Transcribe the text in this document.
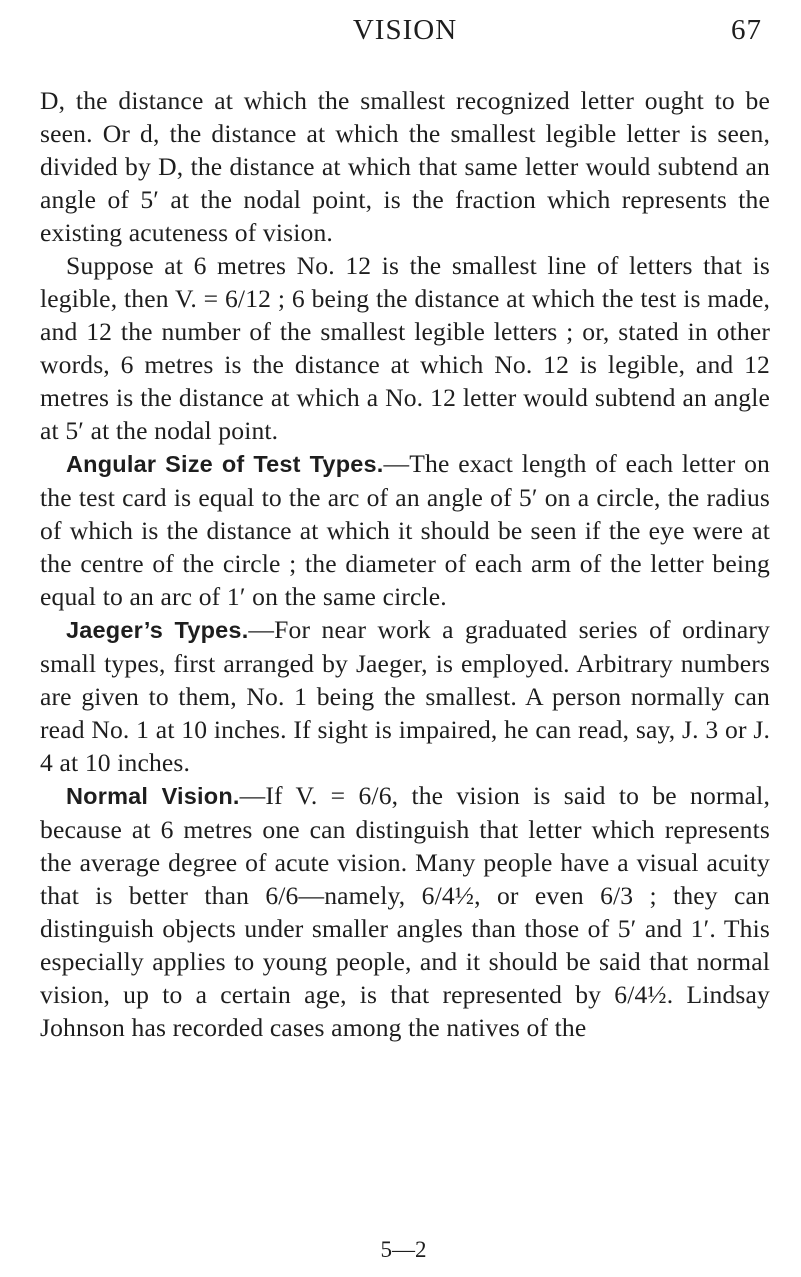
VISION	67

D, the distance at which the smallest recognized letter ought to be seen. Or d, the distance at which the smallest legible letter is seen, divided by D, the distance at which that same letter would subtend an angle of 5′ at the nodal point, is the fraction which represents the existing acuteness of vision.

Suppose at 6 metres No. 12 is the smallest line of letters that is legible, then V. = 6/12 ; 6 being the distance at which the test is made, and 12 the number of the smallest legible letters ; or, stated in other words, 6 metres is the distance at which No. 12 is legible, and 12 metres is the distance at which a No. 12 letter would subtend an angle at 5′ at the nodal point.

Angular Size of Test Types.—The exact length of each letter on the test card is equal to the arc of an angle of 5′ on a circle, the radius of which is the distance at which it should be seen if the eye were at the centre of the circle ; the diameter of each arm of the letter being equal to an arc of 1′ on the same circle.

Jaeger’s Types.—For near work a graduated series of ordinary small types, first arranged by Jaeger, is employed. Arbitrary numbers are given to them, No. 1 being the smallest. A person normally can read No. 1 at 10 inches. If sight is impaired, he can read, say, J. 3 or J. 4 at 10 inches.

Normal Vision.—If V. = 6/6, the vision is said to be normal, because at 6 metres one can distinguish that letter which represents the average degree of acute vision. Many people have a visual acuity that is better than 6/6—namely, 6/4½, or even 6/3 ; they can distinguish objects under smaller angles than those of 5′ and 1′. This especially applies to young people, and it should be said that normal vision, up to a certain age, is that represented by 6/4½. Lindsay Johnson has recorded cases among the natives of the

5—2
